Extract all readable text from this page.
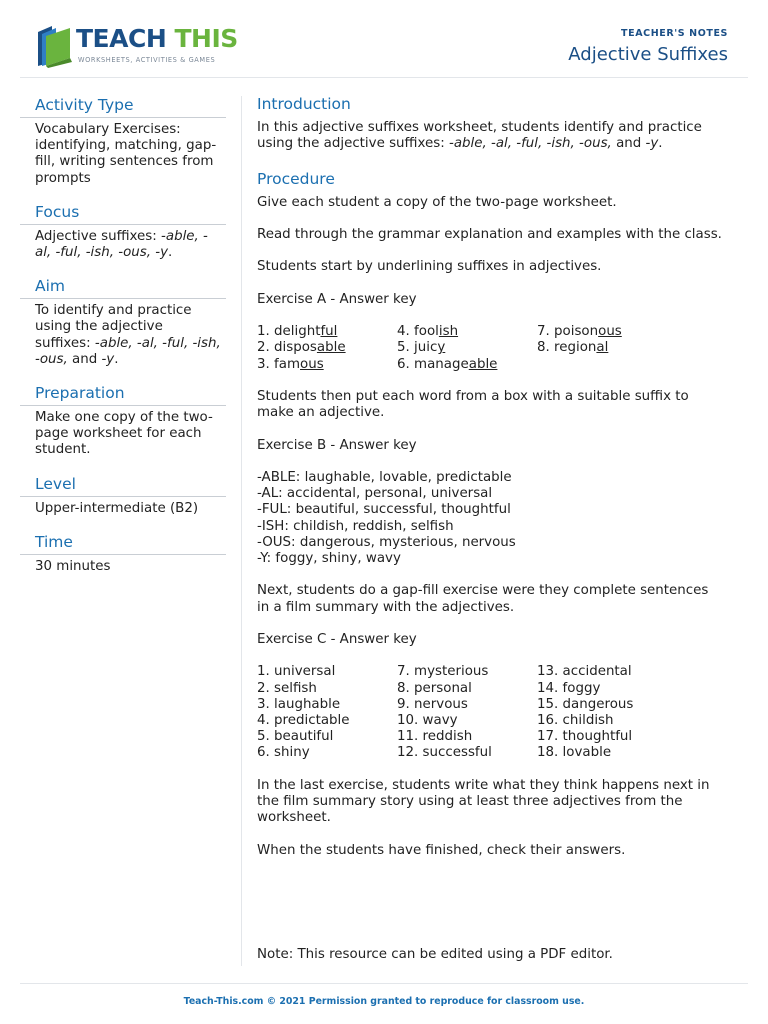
TEACH THIS
WORKSHEETS, ACTIVITIES & GAMES
TEACHER'S NOTES
Adjective Suffixes
Activity Type
Vocabulary Exercises: identifying, matching, gap-fill, writing sentences from prompts
Focus
Adjective suffixes: -able, -al, -ful, -ish, -ous, -y.
Aim
To identify and practice using the adjective suffixes: -able, -al, -ful, -ish, -ous, and -y.
Preparation
Make one copy of the two-page worksheet for each student.
Level
Upper-intermediate (B2)
Time
30 minutes
Introduction
In this adjective suffixes worksheet, students identify and practice using the adjective suffixes: -able, -al, -ful, -ish, -ous, and -y.
Procedure
Give each student a copy of the two-page worksheet.
Read through the grammar explanation and examples with the class.
Students start by underlining suffixes in adjectives.
Exercise A - Answer key
1. delightful	4. foolish	7. poisonous
2. disposable	5. juicy	8. regional
3. famous	6. manageable
Students then put each word from a box with a suitable suffix to make an adjective.
Exercise B - Answer key
-ABLE: laughable, lovable, predictable
-AL: accidental, personal, universal
-FUL: beautiful, successful, thoughtful
-ISH: childish, reddish, selfish
-OUS: dangerous, mysterious, nervous
-Y: foggy, shiny, wavy
Next, students do a gap-fill exercise were they complete sentences in a film summary with the adjectives.
Exercise C - Answer key
1. universal	7. mysterious	13. accidental
2. selfish	8. personal	14. foggy
3. laughable	9. nervous	15. dangerous
4. predictable	10. wavy	16. childish
5. beautiful	11. reddish	17. thoughtful
6. shiny	12. successful	18. lovable
In the last exercise, students write what they think happens next in the film summary story using at least three adjectives from the worksheet.
When the students have finished, check their answers.
Note: This resource can be edited using a PDF editor.
Teach-This.com © 2021 Permission granted to reproduce for classroom use.
